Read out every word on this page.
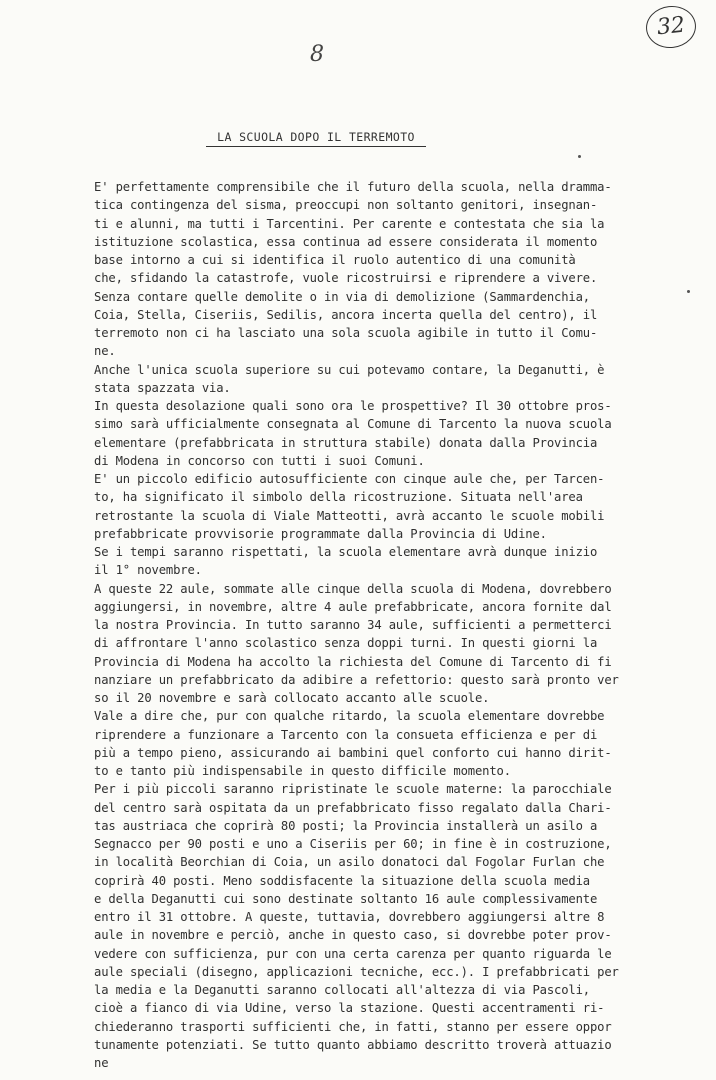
32
8
LA SCUOLA DOPO IL TERREMOTO
E' perfettamente comprensibile che il futuro della scuola, nella dramma-
tica contingenza del sisma, preoccupi non soltanto genitori, insegnan-
ti e alunni, ma tutti i Tarcentini. Per carente e contestata che sia la
istituzione scolastica, essa continua ad essere considerata il momento
base intorno a cui si identifica il ruolo autentico di una comunità
che, sfidando la catastrofe, vuole ricostruirsi e riprendere a vivere.
Senza contare quelle demolite o in via di demolizione (Sammardenchia,
Coia, Stella, Ciseriis, Sedilis, ancora incerta quella del centro), il
terremoto non ci ha lasciato una sola scuola agibile in tutto il Comu-
ne.
Anche l'unica scuola superiore su cui potevamo contare, la Deganutti, è
stata spazzata via.
In questa desolazione quali sono ora le prospettive? Il 30 ottobre pros-
simo sarà ufficialmente consegnata al Comune di Tarcento la nuova scuola
elementare (prefabbricata in struttura stabile) donata dalla Provincia
di Modena in concorso con tutti i suoi Comuni.
E' un piccolo edificio autosufficiente con cinque aule che, per Tarcen-
to, ha significato il simbolo della ricostruzione. Situata nell'area
retrostante la scuola di Viale Matteotti, avrà accanto le scuole mobili
prefabbricate provvisorie programmate dalla Provincia di Udine.
Se i tempi saranno rispettati, la scuola elementare avrà dunque inizio
il 1° novembre.
A queste 22 aule, sommate alle cinque della scuola di Modena, dovrebbero
aggiungersi, in novembre, altre 4 aule prefabbricate, ancora fornite dal
la nostra Provincia. In tutto saranno 34 aule, sufficienti a permetterci
di affrontare l'anno scolastico senza doppi turni. In questi giorni la
Provincia di Modena ha accolto la richiesta del Comune di Tarcento di fi
nanziare un prefabbricato da adibire a refettorio: questo sarà pronto ver
so il 20 novembre e sarà collocato accanto alle scuole.
Vale a dire che, pur con qualche ritardo, la scuola elementare dovrebbe
riprendere a funzionare a Tarcento con la consueta efficienza e per di
più a tempo pieno, assicurando ai bambini quel conforto cui hanno dirit-
to e tanto più indispensabile in questo difficile momento.
Per i più piccoli saranno ripristinate le scuole materne: la parocchiale
del centro sarà ospitata da un prefabbricato fisso regalato dalla Chari-
tas austriaca che coprirà 80 posti; la Provincia installerà un asilo a
Segnacco per 90 posti e uno a Ciseriis per 60; in fine è in costruzione,
in località Beorchian di Coia, un asilo donatoci dal Fogolar Furlan che
coprirà 40 posti. Meno soddisfacente la situazione della scuola media
e della Deganutti cui sono destinate soltanto 16 aule complessivamente
entro il 31 ottobre. A queste, tuttavia, dovrebbero aggiungersi altre 8
aule in novembre e perciò, anche in questo caso, si dovrebbe poter prov-
vedere con sufficienza, pur con una certa carenza per quanto riguarda le
aule speciali (disegno, applicazioni tecniche, ecc.). I prefabbricati per
la media e la Deganutti saranno collocati all'altezza di via Pascoli,
cioè a fianco di via Udine, verso la stazione. Questi accentramenti ri-
chiederanno trasporti sufficienti che, in fatti, stanno per essere oppor
tunamente potenziati. Se tutto quanto abbiamo descritto troverà attuazio
ne
